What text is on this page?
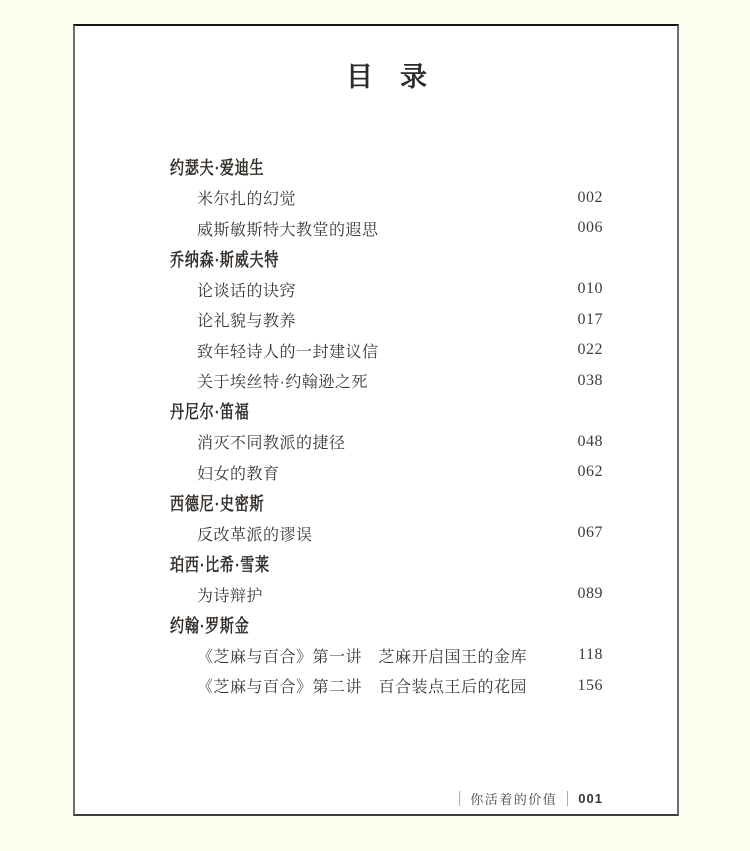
目　录
约瑟夫·爱迪生
米尔扎的幻觉	002
威斯敏斯特大教堂的遐思	006
乔纳森·斯威夫特
论谈话的诀窍	010
论礼貌与教养	017
致年轻诗人的一封建议信	022
关于埃丝特·约翰逊之死	038
丹尼尔·笛福
消灭不同教派的捷径	048
妇女的教育	062
西德尼·史密斯
反改革派的谬误	067
珀西·比希·雪莱
为诗辩护	089
约翰·罗斯金
《芝麻与百合》第一讲　芝麻开启国王的金库	118
《芝麻与百合》第二讲　百合装点王后的花园	156
你活着的价值 001
